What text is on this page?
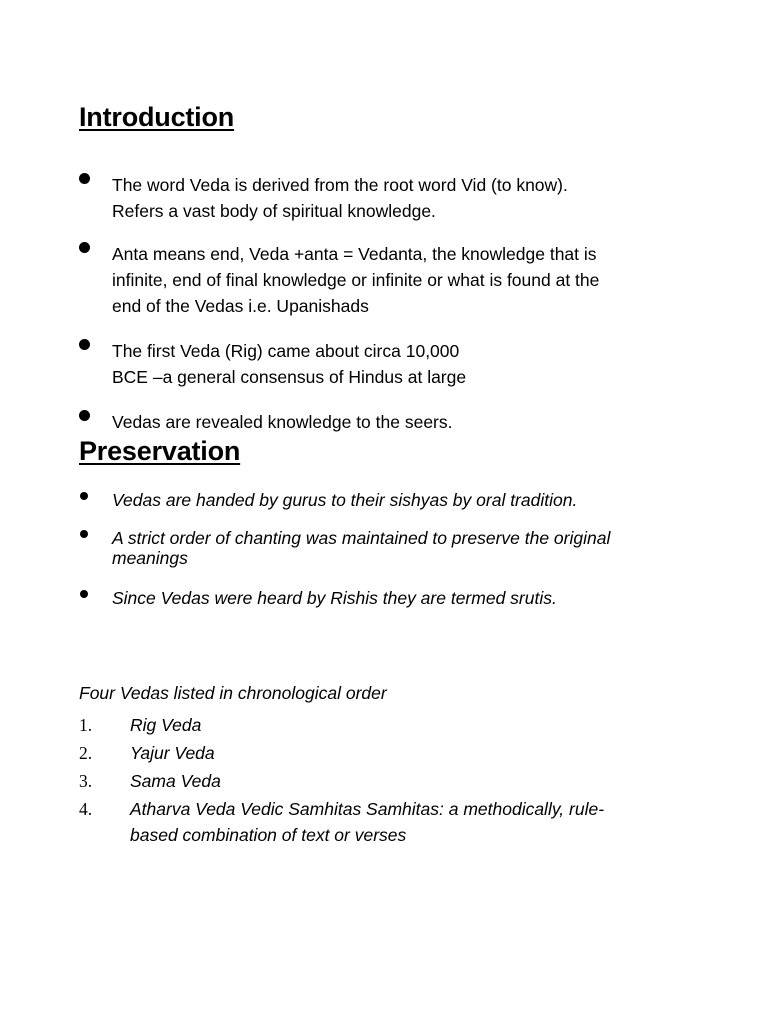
Introduction

The word Veda is derived from the root word Vid (to know).
Refers a vast body of spiritual knowledge.

Anta means end, Veda +anta = Vedanta, the knowledge that is
infinite, end of final knowledge or infinite or what is found at the
end of the Vedas i.e. Upanishads

The first Veda (Rig) came about circa 10,000
BCE –a general consensus of Hindus at large

Vedas are revealed knowledge to the seers.

Preservation

Vedas are handed by gurus to their sishyas by oral tradition.

A strict order of chanting was maintained to preserve the original
meanings

Since Vedas were heard by Rishis they are termed srutis.

Four Vedas listed in chronological order

1. Rig Veda

2. Yajur Veda

3. Sama Veda

4. Atharva Veda Vedic Samhitas Samhitas: a methodically, rule-
based combination of text or verses
